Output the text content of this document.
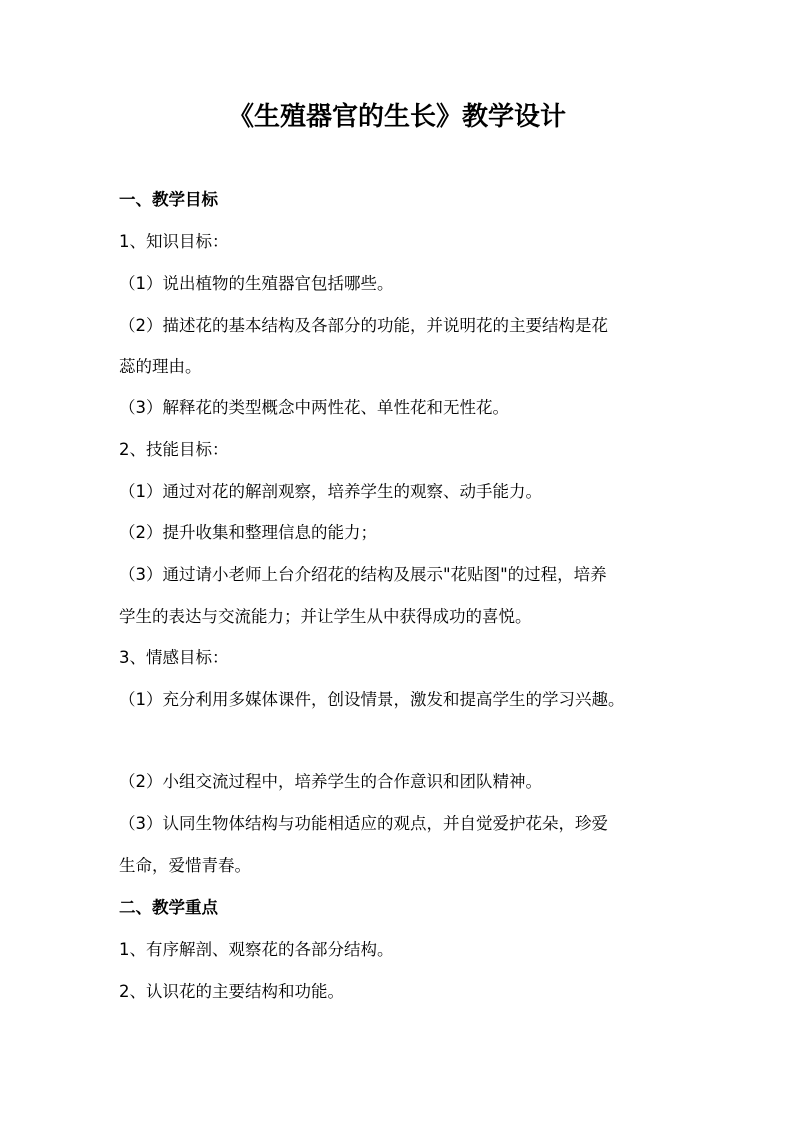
《生殖器官的生长》教学设计
一、教学目标
1、知识目标：
（1）说出植物的生殖器官包括哪些。
（2）描述花的基本结构及各部分的功能，并说明花的主要结构是花
蕊的理由。
（3）解释花的类型概念中两性花、单性花和无性花。
2、技能目标：
（1）通过对花的解剖观察，培养学生的观察、动手能力。
（2）提升收集和整理信息的能力；
（3）通过请小老师上台介绍花的结构及展示"花贴图"的过程，培养
学生的表达与交流能力；并让学生从中获得成功的喜悦。
3、情感目标：
（1）充分利用多媒体课件，创设情景，激发和提高学生的学习兴趣。
（2）小组交流过程中，培养学生的合作意识和团队精神。
（3）认同生物体结构与功能相适应的观点，并自觉爱护花朵，珍爱
生命，爱惜青春。
二、教学重点
1、有序解剖、观察花的各部分结构。
2、认识花的主要结构和功能。
